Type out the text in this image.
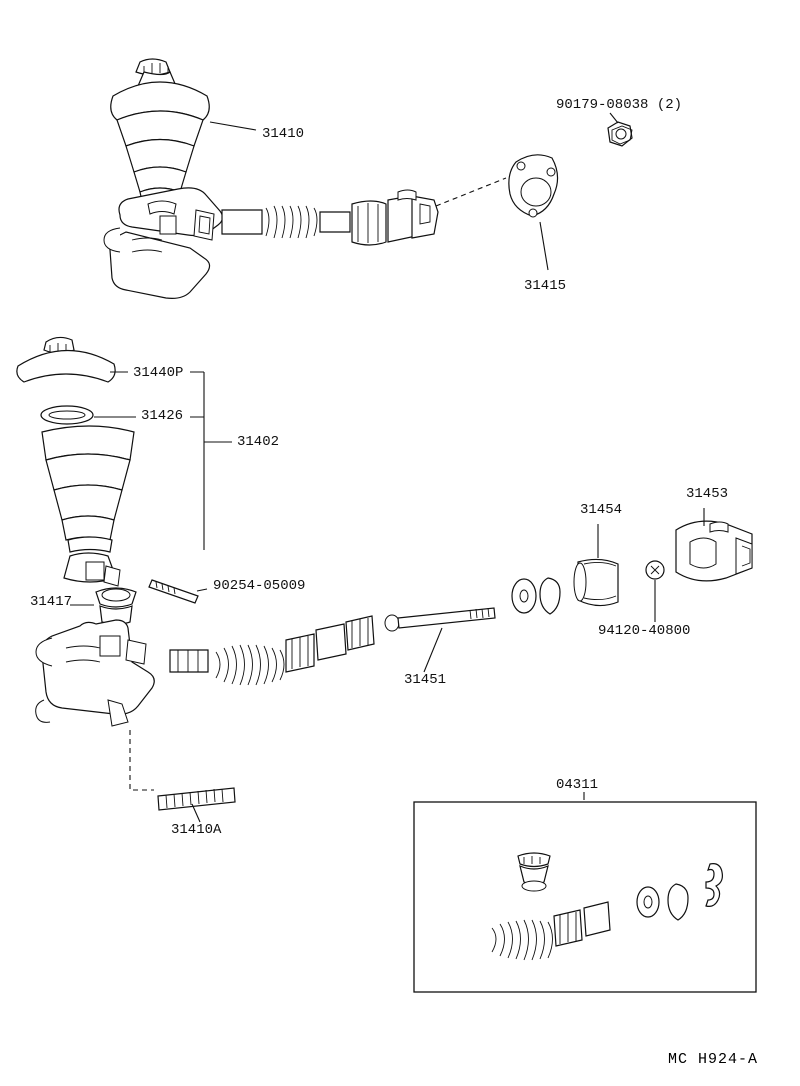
31410
90179-08038 (2)
31415
31440P
31426
31402
31454
31453
90254-05009
31417
94120-40800
31451
31410A
04311
MC H924-A
